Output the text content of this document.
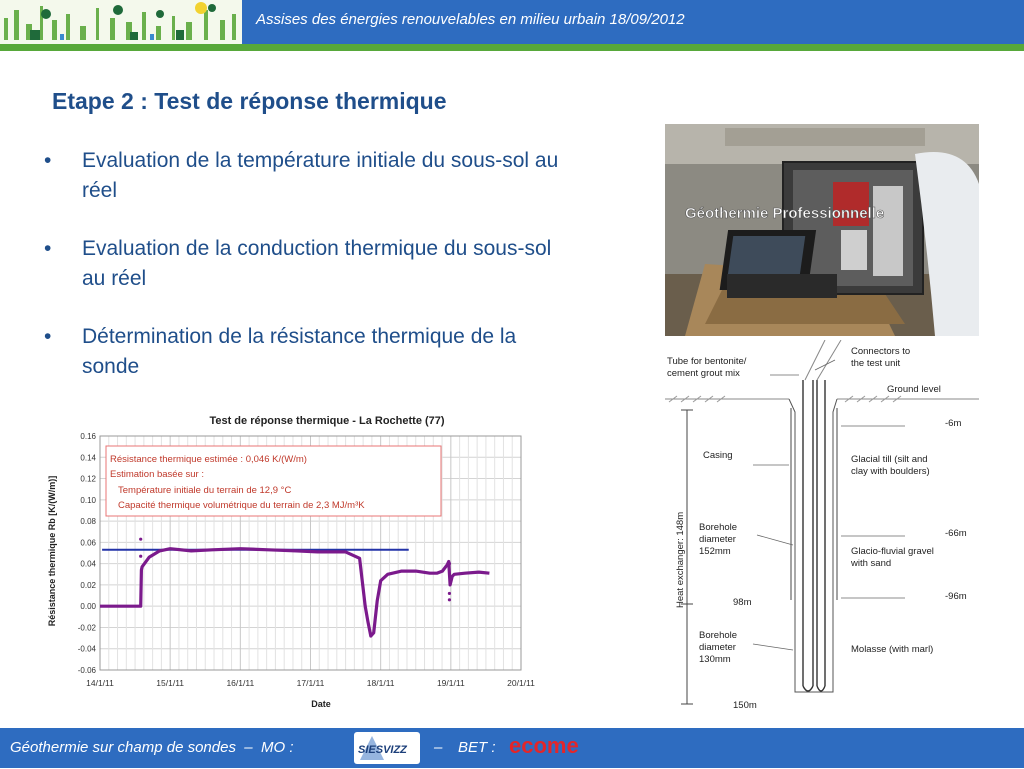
Assises des énergies renouvelables en milieu urbain 18/09/2012
Etape 2 : Test de réponse thermique
•	Evaluation de la température initiale du sous-sol au réel
•	Evaluation de la conduction thermique du sous-sol au réel
•	Détermination de la résistance thermique de la sonde
Test de réponse thermique - La Rochette (77)
0.16
0.14
0.12
0.10
0.08
0.06
0.04
0.02
0.00
-0.02
-0.04
-0.06
14/1/11	15/1/11	16/1/11	17/1/11	18/1/11	19/1/11	20/1/11
Résistance thermique Rb [K/(W/m)]
Date
Résistance thermique estimée : 0,046 K/(W/m)
Estimation basée sur :
Température initiale du terrain de 12,9 °C
Capacité thermique volumétrique du terrain de 2,3 MJ/m³K
Géothermie Professionnelle
Tube for bentonite/
cement grout mix
Connectors to
the test unit
Ground level
-6m
Casing	Glacial till (silt and
clay with boulders)
Borehole
diameter
152mm
-66m
Glacio-fluvial gravel
with sand
Heat exchanger: 148m	98m
-96m
Borehole
diameter
130mm
Molasse (with marl)
150m
Géothermie sur champ de sondes – MO :	SIESVIZZ – BET : ecome
